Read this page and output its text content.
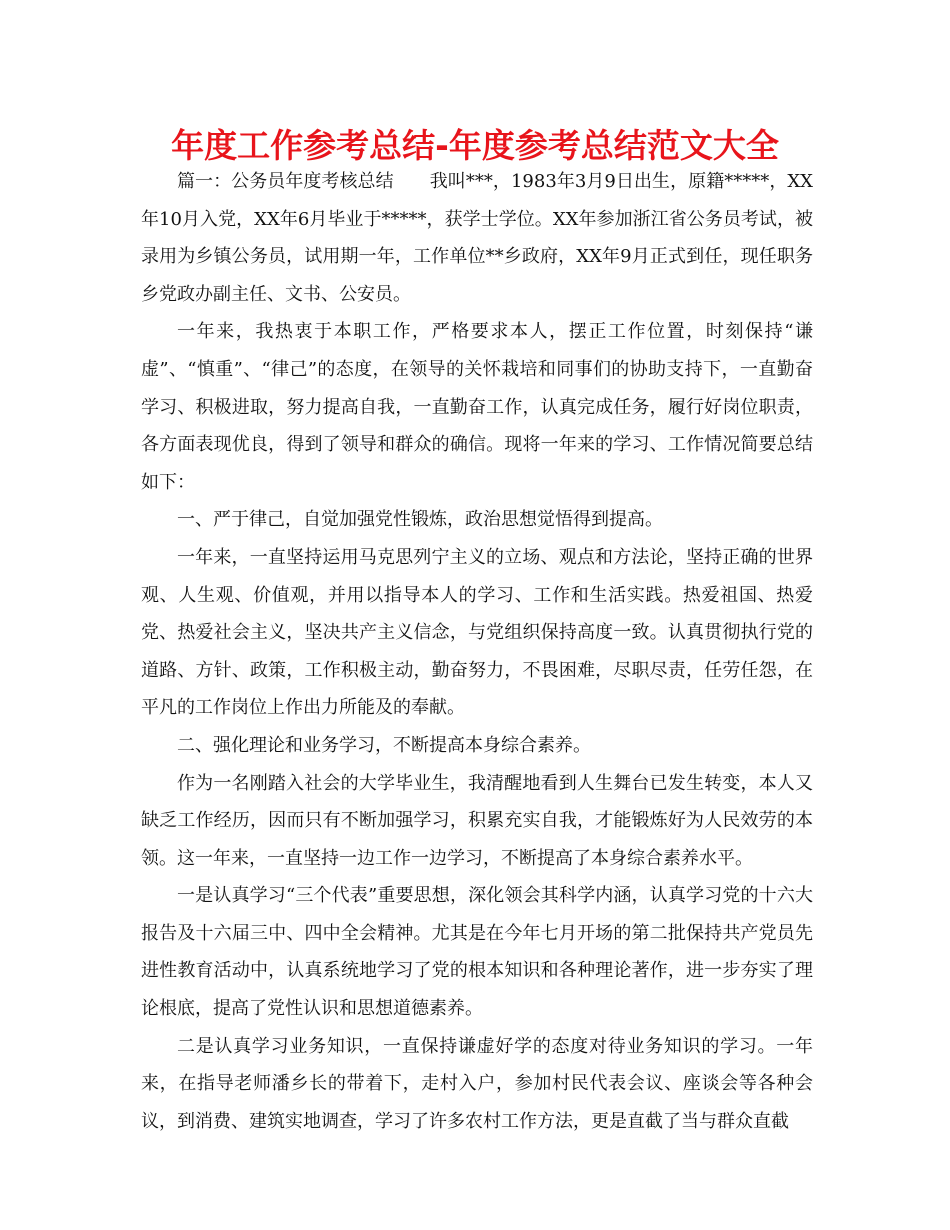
年度工作参考总结-年度参考总结范文大全

篇一：公务员年度考核总结　　我叫***，1983年3月9日出生，原籍*****，XX年10月入党，XX年6月毕业于*****，获学士学位。XX年参加浙江省公务员考试，被录用为乡镇公务员，试用期一年，工作单位**乡政府，XX年9月正式到任，现任职务乡党政办副主任、文书、公安员。

一年来，我热衷于本职工作，严格要求本人，摆正工作位置，时刻保持“谦虚”、“慎重”、“律己”的态度，在领导的关怀栽培和同事们的协助支持下，一直勤奋学习、积极进取，努力提高自我，一直勤奋工作，认真完成任务，履行好岗位职责，各方面表现优良，得到了领导和群众的确信。现将一年来的学习、工作情况简要总结如下：

一、严于律己，自觉加强党性锻炼，政治思想觉悟得到提高。

一年来，一直坚持运用马克思列宁主义的立场、观点和方法论，坚持正确的世界观、人生观、价值观，并用以指导本人的学习、工作和生活实践。热爱祖国、热爱党、热爱社会主义，坚决共产主义信念，与党组织保持高度一致。认真贯彻执行党的道路、方针、政策，工作积极主动，勤奋努力，不畏困难，尽职尽责，任劳任怨，在平凡的工作岗位上作出力所能及的奉献。

二、强化理论和业务学习，不断提高本身综合素养。

作为一名刚踏入社会的大学毕业生，我清醒地看到人生舞台已发生转变，本人又缺乏工作经历，因而只有不断加强学习，积累充实自我，才能锻炼好为人民效劳的本领。这一年来，一直坚持一边工作一边学习，不断提高了本身综合素养水平。

一是认真学习“三个代表”重要思想，深化领会其科学内涵，认真学习党的十六大报告及十六届三中、四中全会精神。尤其是在今年七月开场的第二批保持共产党员先进性教育活动中，认真系统地学习了党的根本知识和各种理论著作，进一步夯实了理论根底，提高了党性认识和思想道德素养。

二是认真学习业务知识，一直保持谦虚好学的态度对待业务知识的学习。一年来，在指导老师潘乡长的带着下，走村入户，参加村民代表会议、座谈会等各种会议，到消费、建筑实地调查，学习了许多农村工作方法，更是直截了当与群众直截
